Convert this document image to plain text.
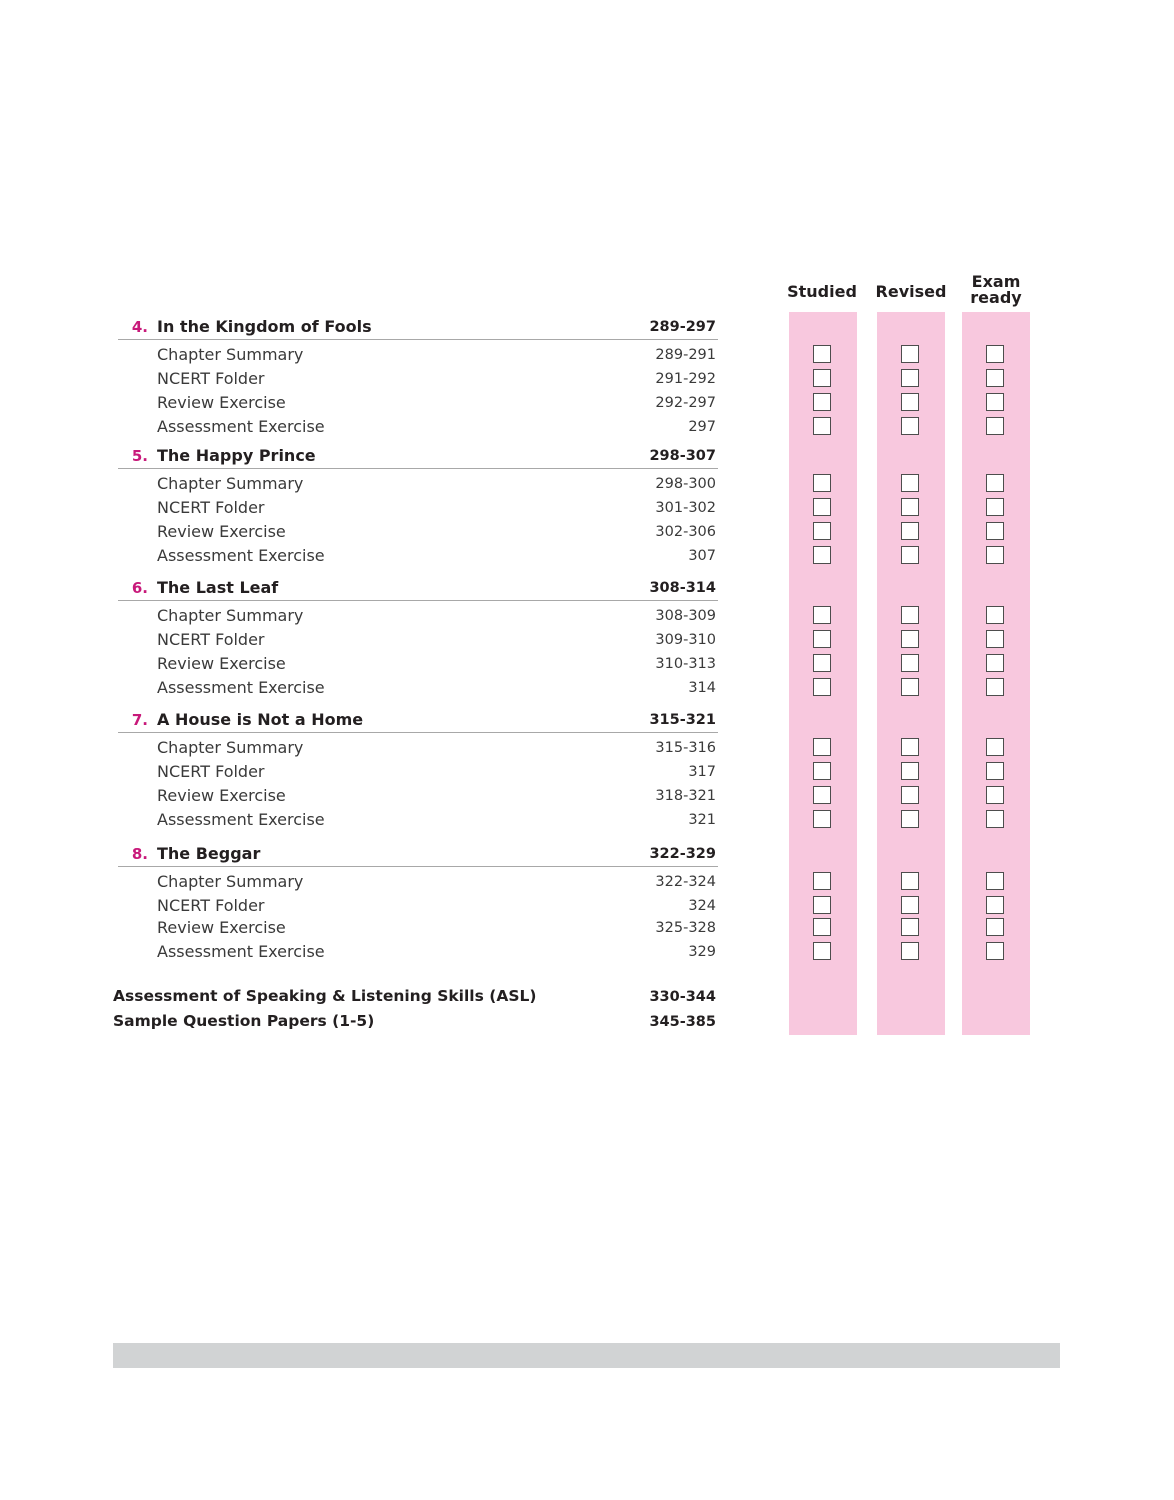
Studied Revised
Exam
ready
4. In the Kingdom of Fools	289-297
Chapter Summary	289-291
NCERT Folder	291-292
Review Exercise	292-297
Assessment Exercise	297
5. The Happy Prince	298-307
Chapter Summary	298-300
NCERT Folder	301-302
Review Exercise	302-306
Assessment Exercise	307
6. The Last Leaf	308-314
Chapter Summary	308-309
NCERT Folder	309-310
Review Exercise	310-313
Assessment Exercise	314
7. A House is Not a Home	315-321
Chapter Summary	315-316
NCERT Folder	317
Review Exercise	318-321
Assessment Exercise	321
8. The Beggar	322-329
Chapter Summary	322-324
NCERT Folder	324
Review Exercise	325-328
Assessment Exercise	329
Assessment of Speaking & Listening Skills (ASL)	330-344
Sample Question Papers (1-5)	345-385
